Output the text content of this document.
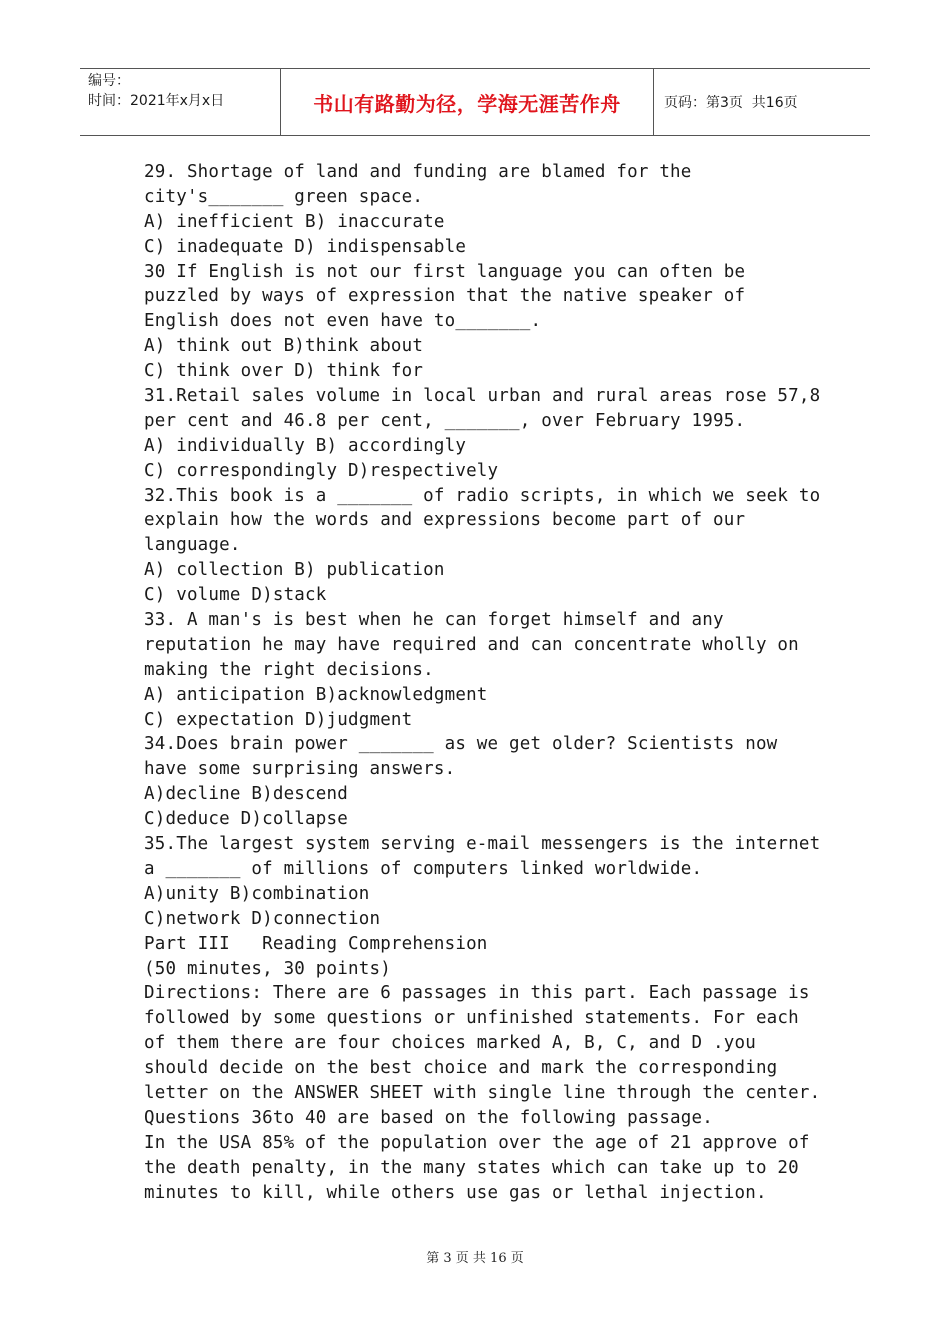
编号：
时间：2021年x月x日	书山有路勤为径，学海无涯苦作舟	页码：第3页  共16页
29. Shortage of land and funding are blamed for the
city's_______ green space.
A) inefficient B) inaccurate
C) inadequate D) indispensable
30 If English is not our first language you can often be
puzzled by ways of expression that the native speaker of
English does not even have to_______.
A) think out B)think about
C) think over D) think for
31.Retail sales volume in local urban and rural areas rose 57,8
per cent and 46.8 per cent, _______, over February 1995.
A) individually B) accordingly
C) correspondingly D)respectively
32.This book is a _______ of radio scripts, in which we seek to
explain how the words and expressions become part of our
language.
A) collection B) publication
C) volume D)stack
33. A man's is best when he can forget himself and any
reputation he may have required and can concentrate wholly on
making the right decisions.
A) anticipation B)acknowledgment
C) expectation D)judgment
34.Does brain power _______ as we get older? Scientists now
have some surprising answers.
A)decline B)descend
C)deduce D)collapse
35.The largest system serving e-mail messengers is the internet
a _______ of millions of computers linked worldwide.
A)unity B)combination
C)network D)connection
Part III   Reading Comprehension
(50 minutes, 30 points)
Directions: There are 6 passages in this part. Each passage is
followed by some questions or unfinished statements. For each
of them there are four choices marked A, B, C, and D .you
should decide on the best choice and mark the corresponding
letter on the ANSWER SHEET with single line through the center.
Questions 36to 40 are based on the following passage.
In the USA 85% of the population over the age of 21 approve of
the death penalty, in the many states which can take up to 20
minutes to kill, while others use gas or lethal injection.
第 3 页 共 16 页
